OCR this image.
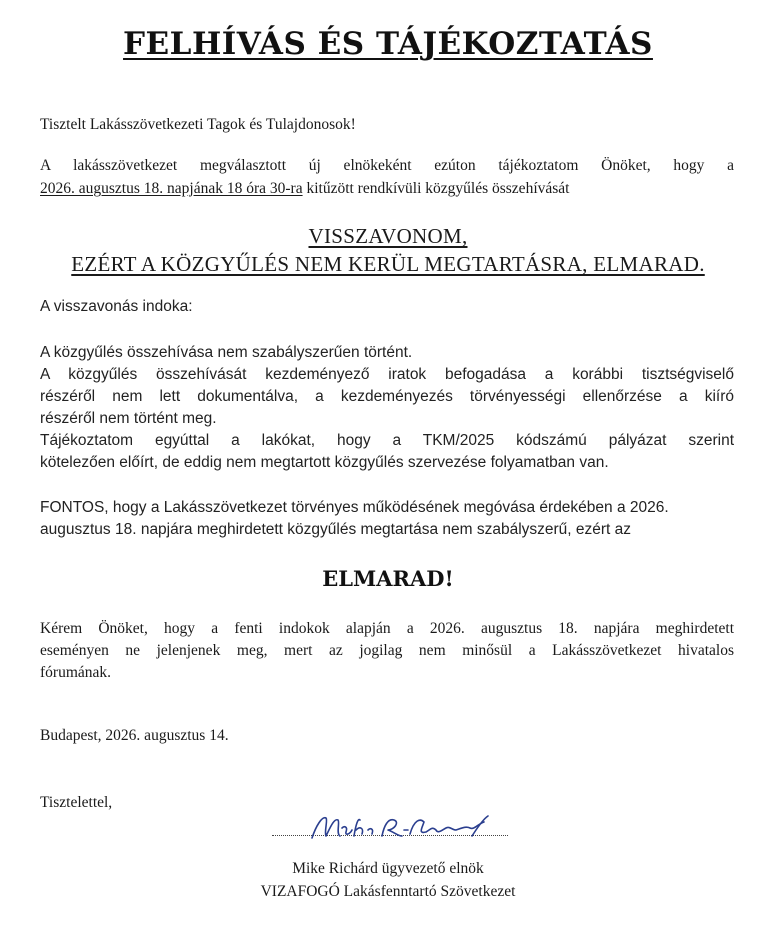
FELHÍVÁS ÉS TÁJÉKOZTATÁS
Tisztelt Lakásszövetkezeti Tagok és Tulajdonosok!
A lakásszövetkezet megválasztott új elnökeként ezúton tájékoztatom Önöket, hogy a
2026. augusztus 18. napjának 18 óra 30-ra kitűzött rendkívüli közgyűlés összehívását
VISSZAVONOM,
EZÉRT A KÖZGYŰLÉS NEM KERÜL MEGTARTÁSRA, ELMARAD.
A visszavonás indoka:
A közgyűlés összehívása nem szabályszerűen történt.
A közgyűlés összehívását kezdeményező iratok befogadása a korábbi tisztségviselő
részéről nem lett dokumentálva, a kezdeményezés törvényességi ellenőrzése a kiíró
részéről nem történt meg.
Tájékoztatom egyúttal a lakókat, hogy a TKM/2025 kódszámú pályázat szerint
kötelezően előírt, de eddig nem megtartott közgyűlés szervezése folyamatban van.
FONTOS, hogy a Lakásszövetkezet törvényes működésének megóvása érdekében a 2026.
augusztus 18. napjára meghirdetett közgyűlés megtartása nem szabályszerű, ezért az
ELMARAD!
Kérem Önöket, hogy a fenti indokok alapján a 2026. augusztus 18. napjára meghirdetett
eseményen ne jelenjenek meg, mert az jogilag nem minősül a Lakásszövetkezet hivatalos
fórumának.
Budapest, 2026. augusztus 14.
Tisztelettel,
Mike Richárd ügyvezető elnök
VIZAFOGÓ Lakásfenntartó Szövetkezet
